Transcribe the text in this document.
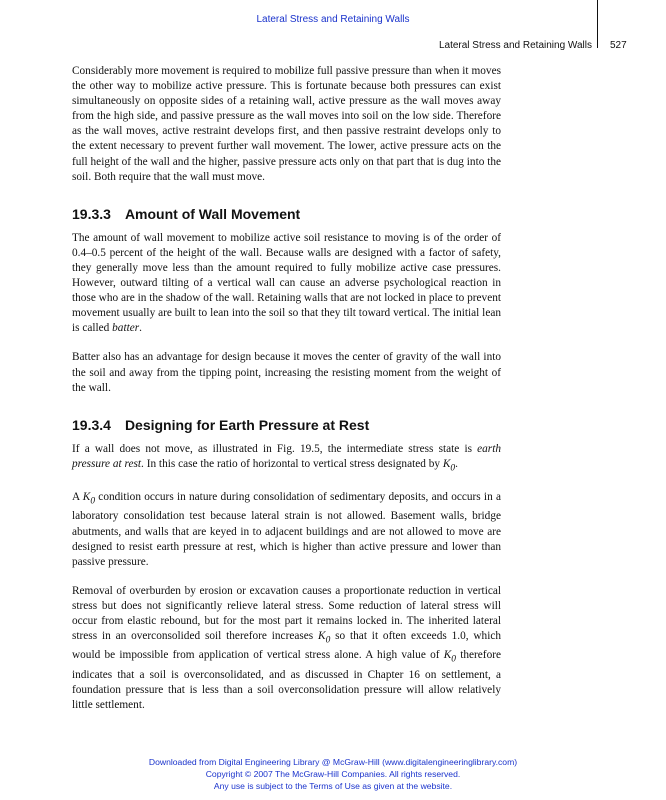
Lateral Stress and Retaining Walls
Lateral Stress and Retaining Walls 527

Considerably more movement is required to mobilize full passive pressure than when it moves the other way to mobilize active pressure. This is fortunate because both pressures can exist simultaneously on opposite sides of a retaining wall, active pressure as the wall moves away from the high side, and passive pressure as the wall moves into soil on the low side. Therefore as the wall moves, active restraint develops first, and then passive restraint develops only to the extent necessary to prevent further wall movement. The lower, active pressure acts on the full height of the wall and the higher, passive pressure acts only on that part that is dug into the soil. Both require that the wall must move.

19.3.3 Amount of Wall Movement

The amount of wall movement to mobilize active soil resistance to moving is of the order of 0.4–0.5 percent of the height of the wall. Because walls are designed with a factor of safety, they generally move less than the amount required to fully mobilize active case pressures. However, outward tilting of a vertical wall can cause an adverse psychological reaction in those who are in the shadow of the wall. Retaining walls that are not locked in place to prevent movement usually are built to lean into the soil so that they tilt toward vertical. The initial lean is called batter.

Batter also has an advantage for design because it moves the center of gravity of the wall into the soil and away from the tipping point, increasing the resisting moment from the weight of the wall.

19.3.4 Designing for Earth Pressure at Rest

If a wall does not move, as illustrated in Fig. 19.5, the intermediate stress state is earth pressure at rest. In this case the ratio of horizontal to vertical stress designated by $K_0$.

A $K_0$ condition occurs in nature during consolidation of sedimentary deposits, and occurs in a laboratory consolidation test because lateral strain is not allowed. Basement walls, bridge abutments, and walls that are keyed in to adjacent buildings and are not allowed to move are designed to resist earth pressure at rest, which is higher than active pressure and lower than passive pressure.

Removal of overburden by erosion or excavation causes a proportionate reduction in vertical stress but does not significantly relieve lateral stress. Some reduction of lateral stress will occur from elastic rebound, but for the most part it remains locked in. The inherited lateral stress in an overconsolided soil therefore increases $K_0$ so that it often exceeds 1.0, which would be impossible from application of vertical stress alone. A high value of $K_0$ therefore indicates that a soil is overconsolidated, and as discussed in Chapter 16 on settlement, a foundation pressure that is less than a soil overconsolidation pressure will allow relatively little settlement.

Downloaded from Digital Engineering Library @ McGraw-Hill (www.digitalengineeringlibrary.com)
Copyright © 2007 The McGraw-Hill Companies. All rights reserved.
Any use is subject to the Terms of Use as given at the website.
